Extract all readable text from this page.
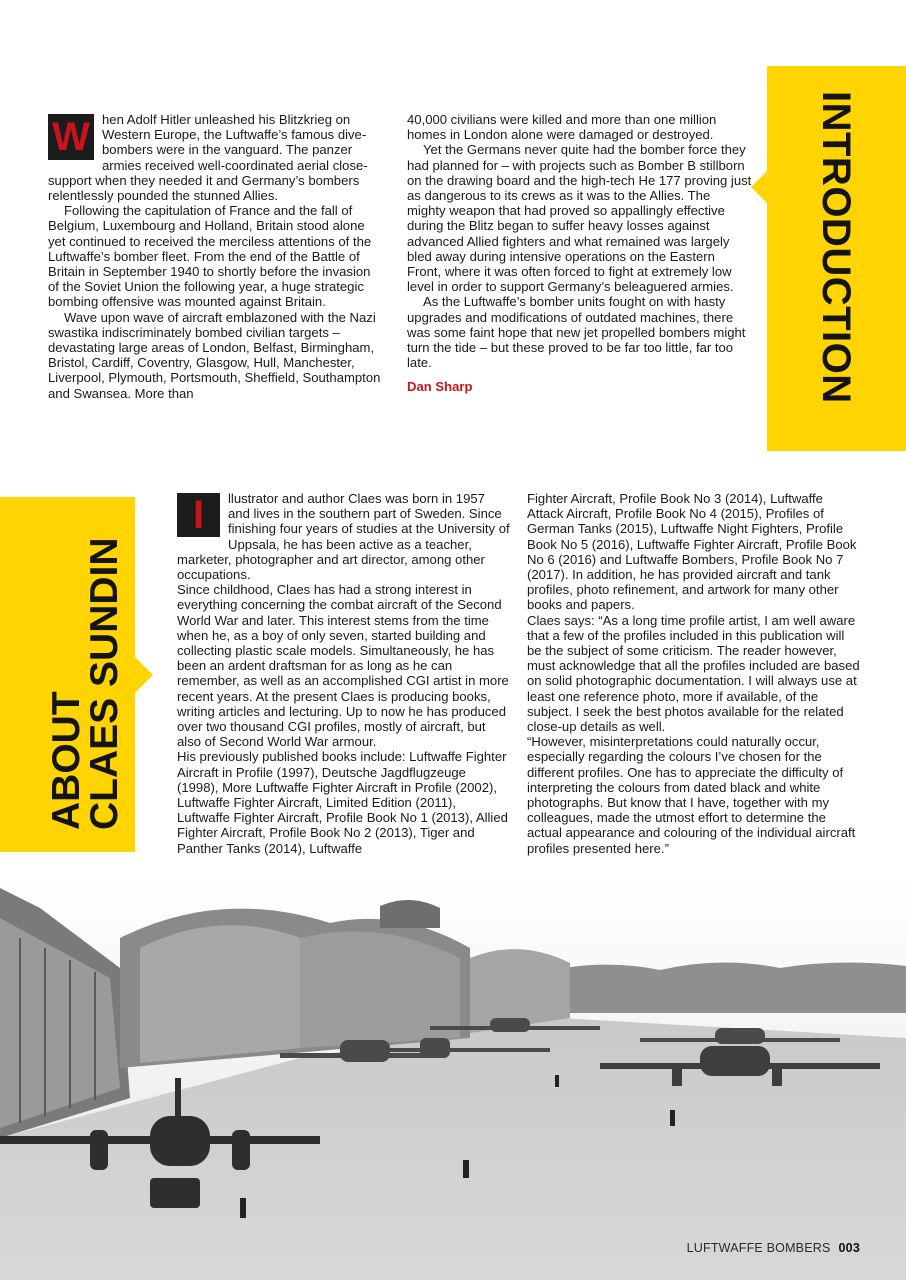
W hen Adolf Hitler unleashed his Blitzkrieg on Western Europe, the Luftwaffe’s famous dive-bombers were in the vanguard. The panzer armies received well-coordinated aerial close-support when they needed it and Germany’s bombers relentlessly pounded the stunned Allies.

Following the capitulation of France and the fall of Belgium, Luxembourg and Holland, Britain stood alone yet continued to received the merciless attentions of the Luftwaffe’s bomber fleet. From the end of the Battle of Britain in September 1940 to shortly before the invasion of the Soviet Union the following year, a huge strategic bombing offensive was mounted against Britain.

Wave upon wave of aircraft emblazoned with the Nazi swastika indiscriminately bombed civilian targets – devastating large areas of London, Belfast, Birmingham, Bristol, Cardiff, Coventry, Glasgow, Hull, Manchester, Liverpool, Plymouth, Portsmouth, Sheffield, Southampton and Swansea. More than

40,000 civilians were killed and more than one million homes in London alone were damaged or destroyed.

Yet the Germans never quite had the bomber force they had planned for – with projects such as Bomber B stillborn on the drawing board and the high-tech He 177 proving just as dangerous to its crews as it was to the Allies. The mighty weapon that had proved so appallingly effective during the Blitz began to suffer heavy losses against advanced Allied fighters and what remained was largely bled away during intensive operations on the Eastern Front, where it was often forced to fight at extremely low level in order to support Germany’s beleaguered armies.

As the Luftwaffe’s bomber units fought on with hasty upgrades and modifications of outdated machines, there was some faint hope that new jet propelled bombers might turn the tide – but these proved to be far too little, far too late.

Dan Sharp	INTRODUCTION
ABOUT
CLAES SUNDIN
I	llustrator and author Claes was born in 1957 and lives in the southern part of Sweden. Since finishing four years of studies at the University of Uppsala, he has been active as a teacher, marketer, photographer and art director, among other occupations.

Since childhood, Claes has had a strong interest in everything concerning the combat aircraft of the Second World War and later. This interest stems from the time when he, as a boy of only seven, started building and collecting plastic scale models. Simultaneously, he has been an ardent draftsman for as long as he can remember, as well as an accomplished CGI artist in more recent years. At the present Claes is producing books, writing articles and lecturing. Up to now he has produced over two thousand CGI profiles, mostly of aircraft, but also of Second World War armour.

His previously published books include: Luftwaffe Fighter Aircraft in Profile (1997), Deutsche Jagdflugzeuge (1998), More Luftwaffe Fighter Aircraft in Profile (2002), Luftwaffe Fighter Aircraft, Limited Edition (2011), Luftwaffe Fighter Aircraft, Profile Book No 1 (2013), Allied Fighter Aircraft, Profile Book No 2 (2013), Tiger and Panther Tanks (2014), Luftwaffe

Fighter Aircraft, Profile Book No 3 (2014), Luftwaffe Attack Aircraft, Profile Book No 4 (2015), Profiles of German Tanks (2015), Luftwaffe Night Fighters, Profile Book No 5 (2016), Luftwaffe Fighter Aircraft, Profile Book No 6 (2016) and Luftwaffe Bombers, Profile Book No 7 (2017). In addition, he has provided aircraft and tank profiles, photo refinement, and artwork for many other books and papers.

Claes says: “As a long time profile artist, I am well aware that a few of the profiles included in this publication will be the subject of some criticism. The reader however, must acknowledge that all the profiles included are based on solid photographic documentation. I will always use at least one reference photo, more if available, of the subject. I seek the best photos available for the related close-up details as well.

“However, misinterpretations could naturally occur, especially regarding the colours I’ve chosen for the different profiles. One has to appreciate the difficulty of interpreting the colours from dated black and white photographs. But know that I have, together with my colleagues, made the utmost effort to determine the actual appearance and colouring of the individual aircraft profiles presented here.”

LUFTWAFFE BOMBERS 003
